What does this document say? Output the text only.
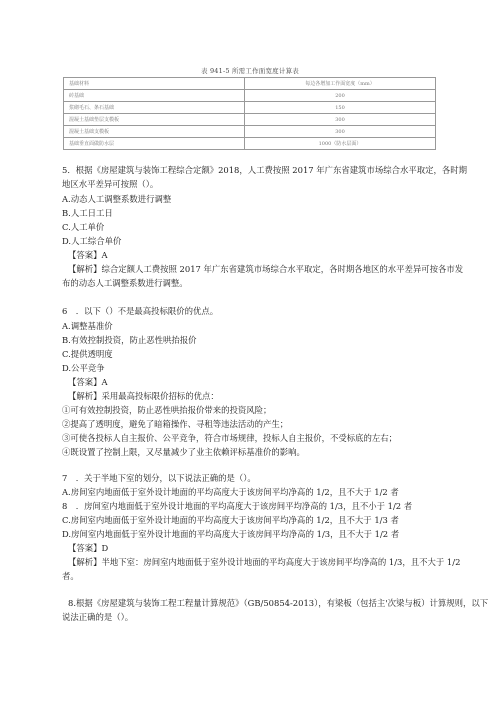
表 941-5 所需工作面宽度计算表
基础材料	每边各增加工作面宽度（mm）
砖基础	200
浆砌毛石、条石基础	150
混凝土基础垫层支模板	300
混凝土基础支模板	300
基础垂直面做防水层	1000（防水层面）
5．根据《房屋建筑与装饰工程综合定额》2018，人工费按照 2017 年广东省建筑市场综合水平取定，各时期
地区水平差异可按照（）。
A.动态人工调整系数进行调整
B.人工日工日
C.人工单价
D.人工综合单价
【答案】A
【解析】综合定额人工费按照 2017 年广东省建筑市场综合水平取定，各时期各地区的水平差异可按各市发
布的动态人工调整系数进行调整。
6　．以下（）不是最高投标限价的优点。
A.调整基准价
B.有效控制投资，防止恶性哄抬报价
C.提供透明度
D.公平竞争
【答案】A
【解析】采用最高投标限价招标的优点：
①可有效控制投资，防止恶性哄抬报价带来的投资风险；
②提高了透明度，避免了暗箱操作、寻租等违法活动的产生；
③可使各投标人自主报价、公平竞争，符合市场规律，投标人自主报价，不受标底的左右；
④既设置了控制上限，又尽量减少了业主依赖评标基准价的影响。
7　．关于半地下室的划分，以下说法正确的是（）。
A.房间室内地面低于室外设计地面的平均高度大于该房间平均净高的 1/2，且不大于 1/2 者
8　．房间室内地面低于室外设计地面的平均高度大于该房间平均净高的 1/3，且不小于 1/2 者
C.房间室内地面低于室外设计地面的平均高度大于该房间平均净高的 1/2，且不大于 1/3 者
D.房间室内地面低于室外设计地面的平均高度大于该房间平均净高的 1/3，且不大于 1/2 者
【答案】D
【解析】半地下室：房间室内地面低于室外设计地面的平均高度大于该房间平均净高的 1/3，且不大于 1/2
者。
8.根据《房屋建筑与装饰工程工程量计算规范》（GB/50854-2013），有梁板（包括主'次梁与板）计算规则，以下
说法正确的是（）。
